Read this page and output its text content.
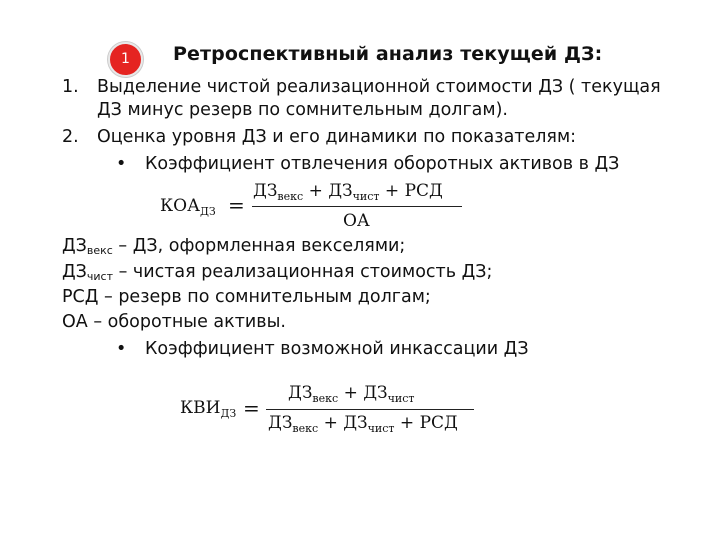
1	Ретроспективный анализ текущей ДЗ:
1. Выделение чистой реализационной стоимости ДЗ ( текущая
ДЗ минус резерв по сомнительным долгам).
2. Оценка уровня ДЗ и его динамики по показателям:
• Коэффициент отвлечения оборотных активов в ДЗ
$КОА_{ДЗ}$ =
$ДЗ_{векс} + ДЗ_{чист}$ + РСД
ОА
$ДЗ_{векс}$ – ДЗ, оформленная векселями;
$ДЗ_{чист}$ – чистая реализационная стоимость ДЗ;
РСД – резерв по сомнительным долгам;
ОА – оборотные активы.
• Коэффициент возможной инкассации ДЗ
$КВИ_{ДЗ}$ =
$ДЗ_{векс} + ДЗ_{чист}$
$ДЗ_{векс} + ДЗ_{чист}$ + РСД
